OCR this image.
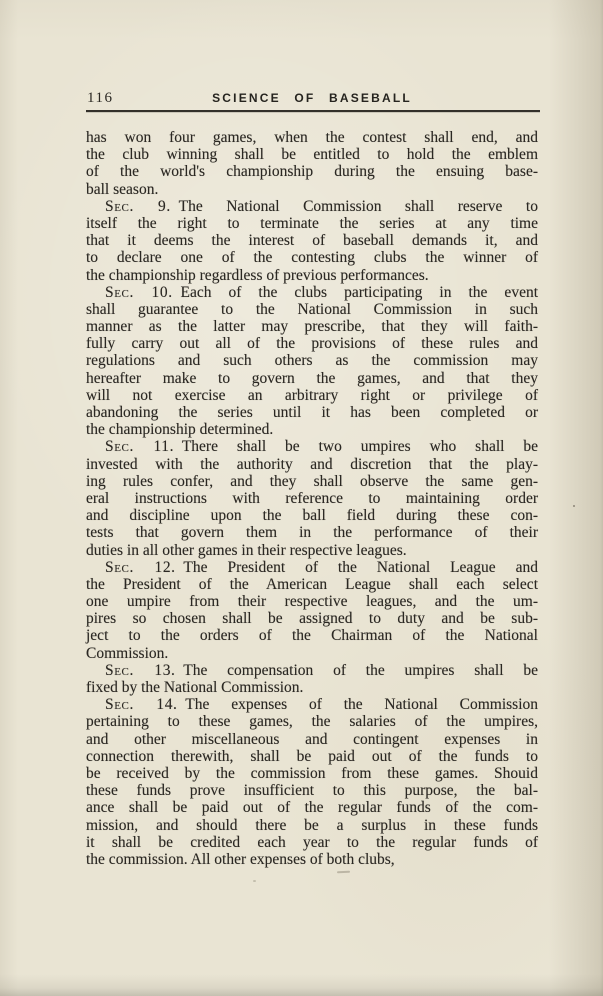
116	SCIENCE OF BASEBALL
has won four games, when the contest shall end, and
the club winning shall be entitled to hold the emblem
of the world's championship during the ensuing base-
ball season.
Sec. 9. The National Commission shall reserve to
itself the right to terminate the series at any time
that it deems the interest of baseball demands it, and
to declare one of the contesting clubs the winner of
the championship regardless of previous performances.
Sec. 10. Each of the clubs participating in the event
shall guarantee to the National Commission in such
manner as the latter may prescribe, that they will faith-
fully carry out all of the provisions of these rules and
regulations and such others as the commission may
hereafter make to govern the games, and that they
will not exercise an arbitrary right or privilege of
abandoning the series until it has been completed or
the championship determined.
Sec. 11. There shall be two umpires who shall be
invested with the authority and discretion that the play-
ing rules confer, and they shall observe the same gen-
eral instructions with reference to maintaining order
and discipline upon the ball field during these con-
tests that govern them in the performance of their
duties in all other games in their respective leagues.
Sec. 12. The President of the National League and
the President of the American League shall each select
one umpire from their respective leagues, and the um-
pires so chosen shall be assigned to duty and be sub-
ject to the orders of the Chairman of the National
Commission.
Sec. 13. The compensation of the umpires shall be
fixed by the National Commission.
Sec. 14. The expenses of the National Commission
pertaining to these games, the salaries of the umpires,
and other miscellaneous and contingent expenses in
connection therewith, shall be paid out of the funds to
be received by the commission from these games. Shouid
these funds prove insufficient to this purpose, the bal-
ance shall be paid out of the regular funds of the com-
mission, and should there be a surplus in these funds
it shall be credited each year to the regular funds of
the commission. All other expenses of both clubs,
